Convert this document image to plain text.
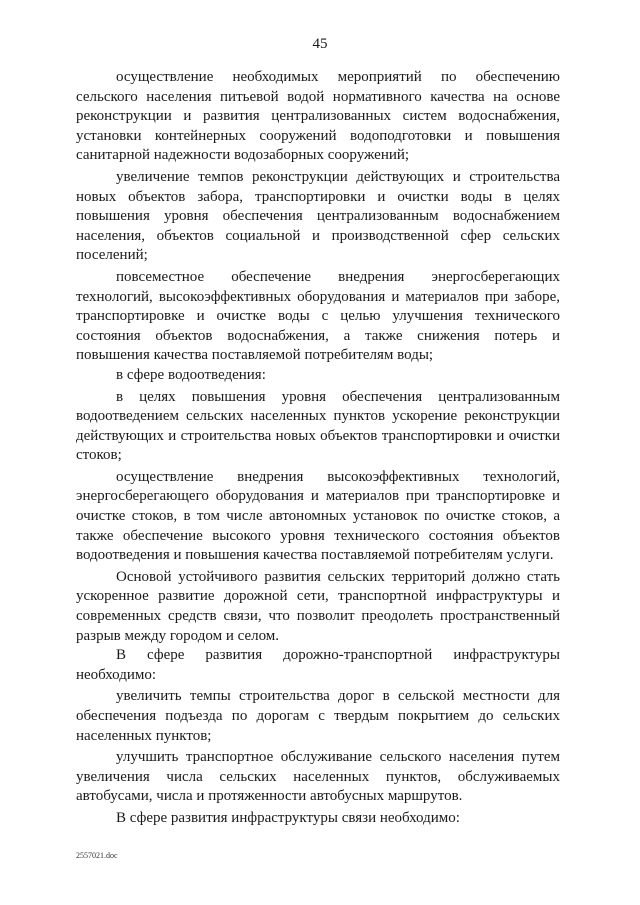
45

осуществление необходимых мероприятий по обеспечению сельского населения питьевой водой нормативного качества на основе реконструкции и развития централизованных систем водоснабжения, установки контейнерных сооружений водоподготовки и повышения санитарной надежности водозаборных сооружений;

увеличение темпов реконструкции действующих и строительства новых объектов забора, транспортировки и очистки воды в целях повышения уровня обеспечения централизованным водоснабжением населения, объектов социальной и производственной сфер сельских поселений;

повсеместное обеспечение внедрения энергосберегающих технологий, высокоэффективных оборудования и материалов при заборе, транспортировке и очистке воды с целью улучшения технического состояния объектов водоснабжения, а также снижения потерь и повышения качества поставляемой потребителям воды;

в сфере водоотведения:

в целях повышения уровня обеспечения централизованным водоотведением сельских населенных пунктов ускорение реконструкции действующих и строительства новых объектов транспортировки и очистки стоков;

осуществление внедрения высокоэффективных технологий, энергосберегающего оборудования и материалов при транспортировке и очистке стоков, в том числе автономных установок по очистке стоков, а также обеспечение высокого уровня технического состояния объектов водоотведения и повышения качества поставляемой потребителям услуги.

Основой устойчивого развития сельских территорий должно стать ускоренное развитие дорожной сети, транспортной инфраструктуры и современных средств связи, что позволит преодолеть пространственный разрыв между городом и селом.

В сфере развития дорожно-транспортной инфраструктуры необходимо:

увеличить темпы строительства дорог в сельской местности для обеспечения подъезда по дорогам с твердым покрытием до сельских населенных пунктов;

улучшить транспортное обслуживание сельского населения путем увеличения числа сельских населенных пунктов, обслуживаемых автобусами, числа и протяженности автобусных маршрутов.

В сфере развития инфраструктуры связи необходимо:

2557021.doc
